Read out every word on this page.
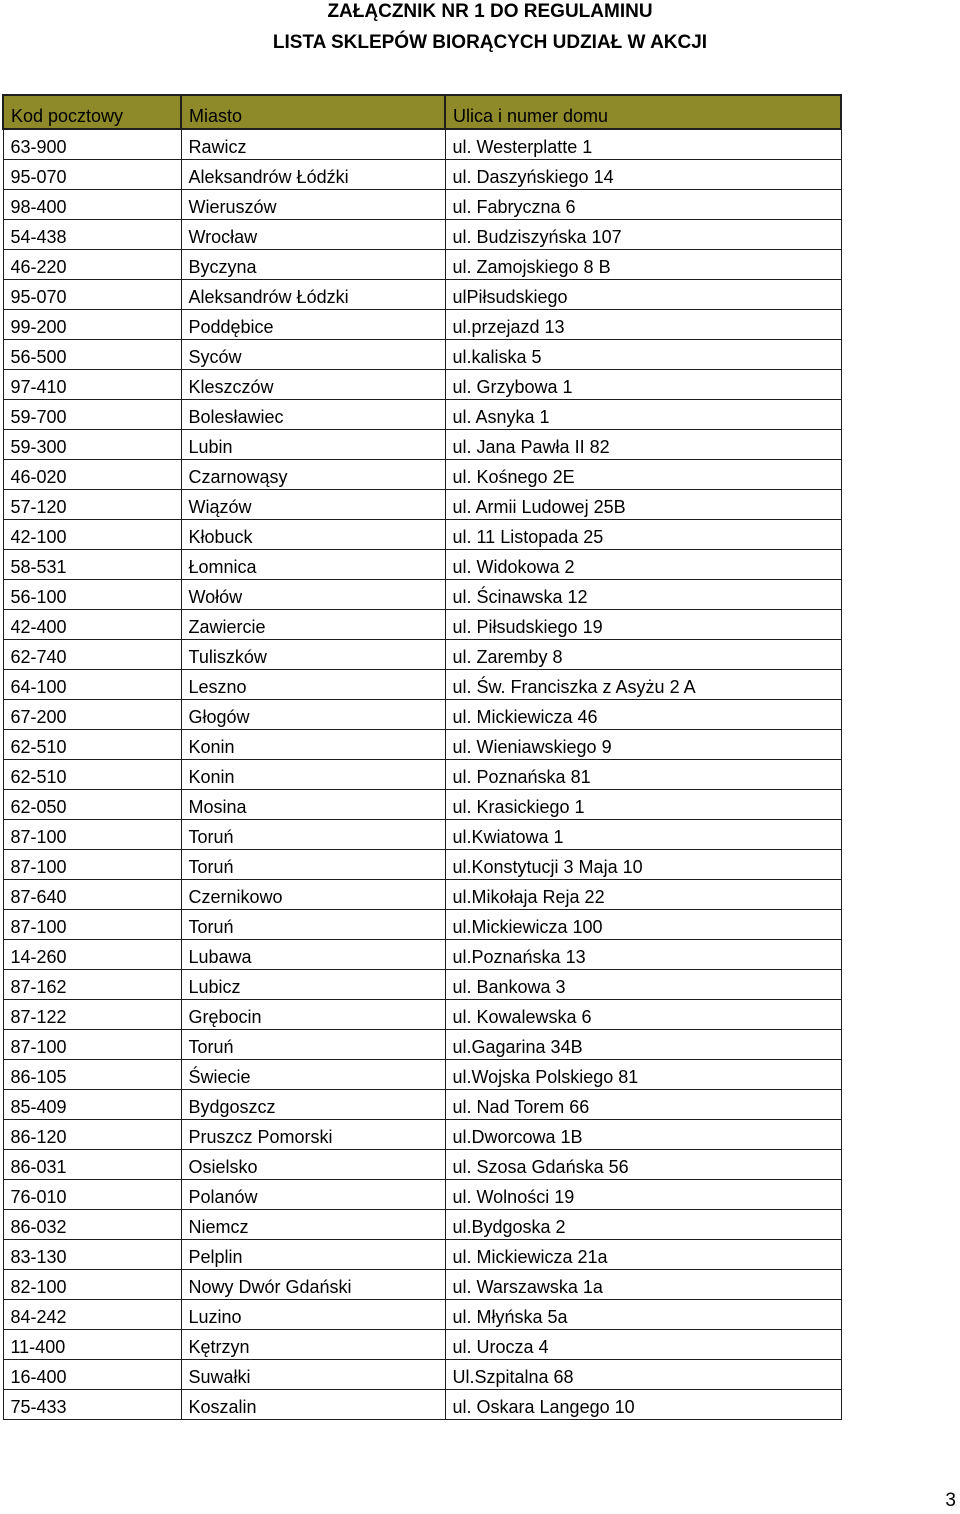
ZAŁĄCZNIK NR 1 DO REGULAMINU
LISTA SKLEPÓW BIORĄCYCH UDZIAŁ W AKCJI
Kod pocztowy	Miasto	Ulica i numer domu
63-900	Rawicz	ul. Westerplatte 1
95-070	Aleksandrów Łódźki	ul. Daszyńskiego 14
98-400	Wieruszów	ul. Fabryczna 6
54-438	Wrocław	ul. Budziszyńska 107
46-220	Byczyna	ul. Zamojskiego 8 B
95-070	Aleksandrów Łódzki	ulPiłsudskiego
99-200	Poddębice	ul.przejazd 13
56-500	Syców	ul.kaliska 5
97-410	Kleszczów	ul. Grzybowa 1
59-700	Bolesławiec	ul. Asnyka 1
59-300	Lubin	ul. Jana Pawła II 82
46-020	Czarnowąsy	ul. Kośnego 2E
57-120	Wiązów	ul. Armii Ludowej 25B
42-100	Kłobuck	ul. 11 Listopada 25
58-531	Łomnica	ul. Widokowa 2
56-100	Wołów	ul. Ścinawska 12
42-400	Zawiercie	ul. Piłsudskiego 19
62-740	Tuliszków	ul. Zaremby 8
64-100	Leszno	ul. Św. Franciszka z Asyżu 2 A
67-200	Głogów	ul. Mickiewicza 46
62-510	Konin	ul. Wieniawskiego 9
62-510	Konin	ul. Poznańska 81
62-050	Mosina	ul. Krasickiego 1
87-100	Toruń	ul.Kwiatowa 1
87-100	Toruń	ul.Konstytucji 3 Maja 10
87-640	Czernikowo	ul.Mikołaja Reja 22
87-100	Toruń	ul.Mickiewicza 100
14-260	Lubawa	ul.Poznańska 13
87-162	Lubicz	ul. Bankowa 3
87-122	Grębocin	ul. Kowalewska 6
87-100	Toruń	ul.Gagarina 34B
86-105	Świecie	ul.Wojska Polskiego 81
85-409	Bydgoszcz	ul. Nad Torem 66
86-120	Pruszcz Pomorski	ul.Dworcowa 1B
86-031	Osielsko	ul. Szosa Gdańska 56
76-010	Polanów	ul. Wolności 19
86-032	Niemcz	ul.Bydgoska 2
83-130	Pelplin	ul. Mickiewicza 21a
82-100	Nowy Dwór Gdański	ul. Warszawska 1a
84-242	Luzino	ul. Młyńska 5a
11-400	Kętrzyn	ul. Urocza 4
16-400	Suwałki	Ul.Szpitalna 68
75-433	Koszalin	ul. Oskara Langego 10
3
